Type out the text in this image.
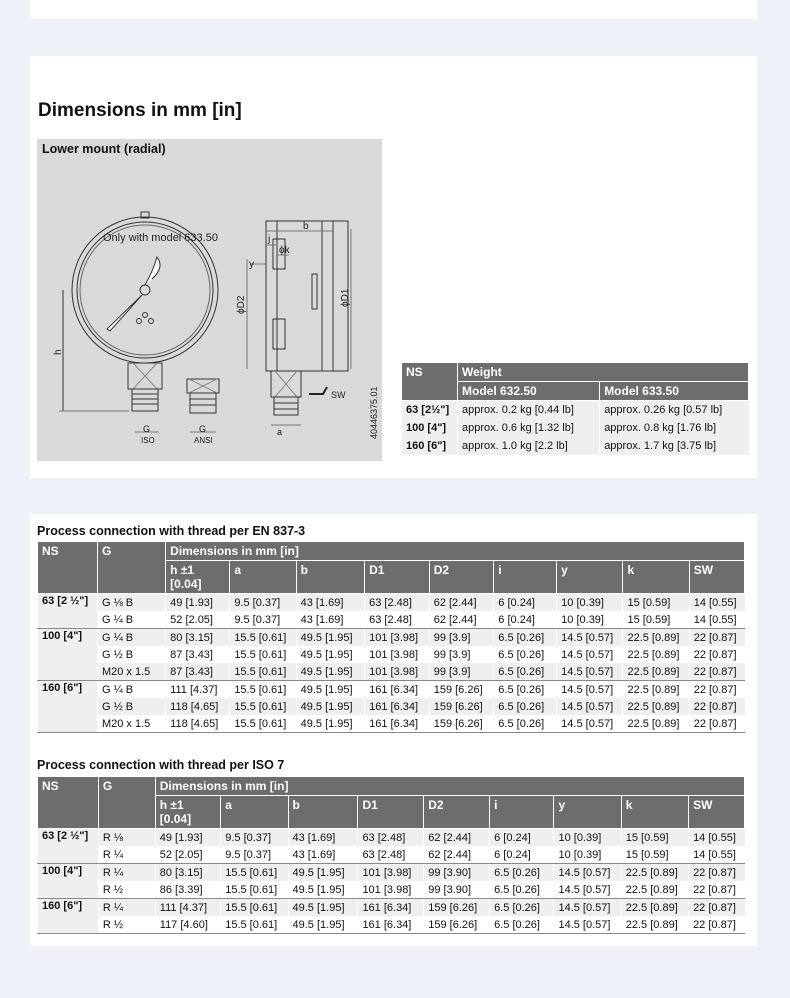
Dimensions in mm [in]
Lower mount (radial)
Only with model 633.50
b
j
ϕk
y
ϕD2	ϕD1
h
SW
a
G
ISO
G
ANSI
40446375.01
NS	Weight	
	Model 632.50	Model 633.50
63 [2½"]	approx. 0.2 kg [0.44 lb]	approx. 0.26 kg [0.57 lb]
100 [4"]	approx. 0.6 kg [1.32 lb]	approx. 0.8 kg [1.76 lb]
160 [6"]	approx. 1.0 kg [2.2 lb]	approx. 1.7 kg [3.75 lb]
Process connection with thread per EN 837-3
NS	G	Dimensions in mm [in]								
		h ±1 [0.04]	a	b	D1	D2	i	y	k	SW
63 [2 ½"]	G ⅛ B	49 [1.93]	9.5 [0.37]	43 [1.69]	63 [2.48]	62 [2.44]	6 [0.24]	10 [0.39]	15 [0.59]	14 [0.55]
	G ¼ B	52 [2.05]	9.5 [0.37]	43 [1.69]	63 [2.48]	62 [2.44]	6 [0.24]	10 [0.39]	15 [0.59]	14 [0.55]
100 [4"]	G ¼ B	80 [3.15]	15.5 [0.61]	49.5 [1.95]	101 [3.98]	99 [3.9]	6.5 [0.26]	14.5 [0.57]	22.5 [0.89]	22 [0.87]
	G ½ B	87 [3.43]	15.5 [0.61]	49.5 [1.95]	101 [3.98]	99 [3.9]	6.5 [0.26]	14.5 [0.57]	22.5 [0.89]	22 [0.87]
	M20 x 1.5	87 [3.43]	15.5 [0.61]	49.5 [1.95]	101 [3.98]	99 [3.9]	6.5 [0.26]	14.5 [0.57]	22.5 [0.89]	22 [0.87]
160 [6"]	G ¼ B	111 [4.37]	15.5 [0.61]	49.5 [1.95]	161 [6.34]	159 [6.26]	6.5 [0.26]	14.5 [0.57]	22.5 [0.89]	22 [0.87]
	G ½ B	118 [4.65]	15.5 [0.61]	49.5 [1.95]	161 [6.34]	159 [6.26]	6.5 [0.26]	14.5 [0.57]	22.5 [0.89]	22 [0.87]
	M20 x 1.5	118 [4.65]	15.5 [0.61]	49.5 [1.95]	161 [6.34]	159 [6.26]	6.5 [0.26]	14.5 [0.57]	22.5 [0.89]	22 [0.87]
Process connection with thread per ISO 7
NS	G	Dimensions in mm [in]								
		h ±1 [0.04]	a	b	D1	D2	i	y	k	SW
63 [2 ½"]	R ⅛	49 [1.93]	9.5 [0.37]	43 [1.69]	63 [2.48]	62 [2.44]	6 [0.24]	10 [0.39]	15 [0.59]	14 [0.55]
	R ¼	52 [2.05]	9.5 [0.37]	43 [1.69]	63 [2.48]	62 [2.44]	6 [0.24]	10 [0.39]	15 [0.59]	14 [0.55]
100 [4"]	R ¼	80 [3.15]	15.5 [0.61]	49.5 [1.95]	101 [3.98]	99 [3.90]	6.5 [0.26]	14.5 [0.57]	22.5 [0.89]	22 [0.87]
	R ½	86 [3.39]	15.5 [0.61]	49.5 [1.95]	101 [3.98]	99 [3.90]	6.5 [0.26]	14.5 [0.57]	22.5 [0.89]	22 [0.87]
160 [6"]	R ¼	111 [4.37]	15.5 [0.61]	49.5 [1.95]	161 [6.34]	159 [6.26]	6.5 [0.26]	14.5 [0.57]	22.5 [0.89]	22 [0.87]
	R ½	117 [4.60]	15.5 [0.61]	49.5 [1.95]	161 [6.34]	159 [6.26]	6.5 [0.26]	14.5 [0.57]	22.5 [0.89]	22 [0.87]
